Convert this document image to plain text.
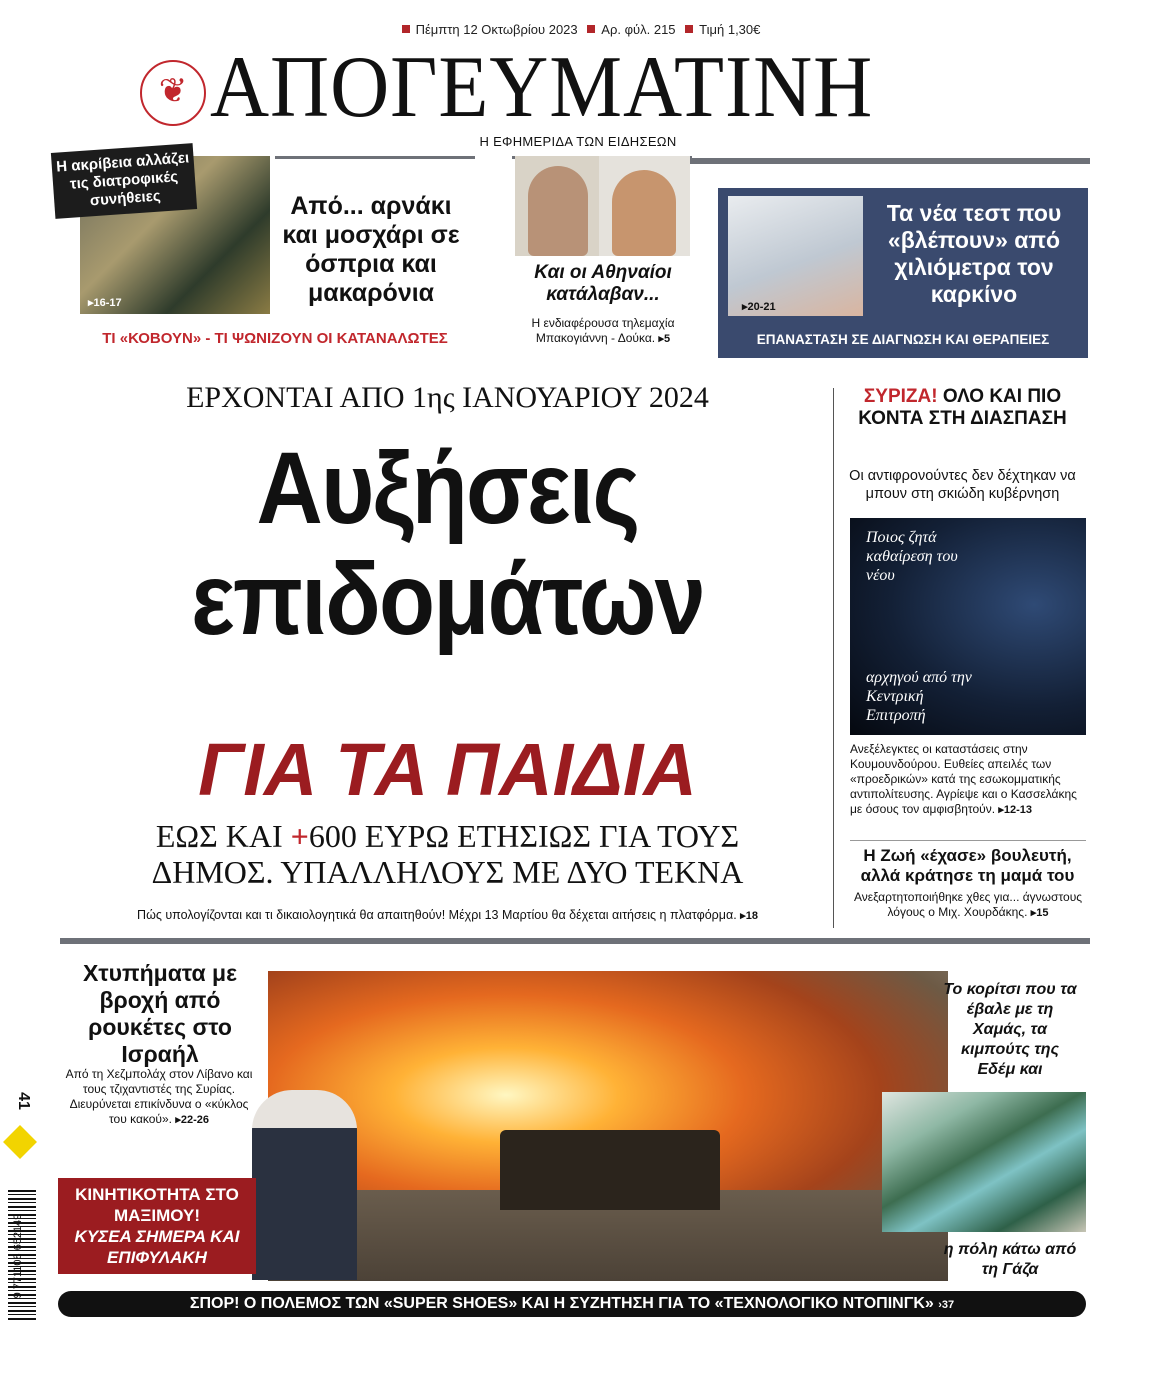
Πέμπτη 12 Οκτωβρίου 2023 Αρ. φύλ. 215 Τιμή 1,30€
❦ ΑΠΟΓΕΥΜΑΤΙΝΗ
Η ΕΦΗΜΕΡΙΔΑ ΤΩΝ ΕΙΔΗΣΕΩΝ
Η ακρίβεια αλλάζει τις διατροφικές συνήθειες
▸16-17
Από... αρνάκι και μοσχάρι σε όσπρια και μακαρόνια
ΤΙ «ΚΟΒΟΥΝ» - ΤΙ ΨΩΝΙΖΟΥΝ ΟΙ ΚΑΤΑΝΑΛΩΤΕΣ
Και οι Αθηναίοι κατάλαβαν...
Η ενδιαφέρουσα τηλεμαχία Μπακογιάννη - Δούκα. ▸5
▸20-21
Τα νέα τεστ που «βλέπουν» από χιλιόμετρα τον καρκίνο
ΕΠΑΝΑΣΤΑΣΗ ΣΕ ΔΙΑΓΝΩΣΗ ΚΑΙ ΘΕΡΑΠΕΙΕΣ
ΕΡΧΟΝΤΑΙ ΑΠΟ 1ης ΙΑΝΟΥΑΡΙΟΥ 2024
Αυξήσεις
επιδομάτων
ΓΙΑ ΤΑ ΠΑΙΔΙΑ
ΕΩΣ ΚΑΙ +600 ΕΥΡΩ ΕΤΗΣΙΩΣ ΓΙΑ ΤΟΥΣ
ΔΗΜΟΣ. ΥΠΑΛΛΗΛΟΥΣ ΜΕ ΔΥΟ ΤΕΚΝΑ
Πώς υπολογίζονται και τι δικαιολογητικά θα απαιτηθούν! Μέχρι 13 Μαρτίου θα δέχεται αιτήσεις η πλατφόρμα. ▸18
ΣΥΡΙΖΑ! ΟΛΟ ΚΑΙ ΠΙΟ ΚΟΝΤΑ ΣΤΗ ΔΙΑΣΠΑΣΗ
Οι αντιφρονούντες δεν δέχτηκαν να μπουν στη σκιώδη κυβέρνηση
Ποιος ζητά καθαίρεση του νέου
αρχηγού από την Κεντρική Επιτροπή
Ανεξέλεγκτες οι καταστάσεις στην Κουμουνδούρου. Ευθείες απειλές των «προεδρικών» κατά της εσωκομματικής αντιπολίτευσης. Αγρίεψε και ο Κασσελάκης με όσους τον αμφισβητούν. ▸12-13
Η Ζωή «έχασε» βουλευτή, αλλά κράτησε τη μαμά του
Ανεξαρτητοποιήθηκε χθες για... άγνωστους λόγους ο Μιχ. Χουρδάκης. ▸15
Χτυπήματα με βροχή από ρουκέτες στο Ισραήλ
Από τη Χεζμπολάχ στον Λίβανο και τους τζιχαντιστές της Συρίας. Διευρύνεται επικίνδυνα ο «κύκλος του κακού». ▸22-26
ΚΙΝΗΤΙΚΟΤΗΤΑ ΣΤΟ ΜΑΞΙΜΟΥ!
ΚΥΣΕΑ ΣΗΜΕΡΑ ΚΑΙ ΕΠΙΦΥΛΑΚΗ
Το κορίτσι που τα έβαλε με τη Χαμάς, τα κιμπούτς της Εδέμ και
η πόλη κάτω από τη Γάζα
41
9 771108 652149
ΣΠΟΡ! Ο ΠΟΛΕΜΟΣ ΤΩΝ «SUPER SHOES» ΚΑΙ Η ΣΥΖΗΤΗΣΗ ΓΙΑ ΤΟ «ΤΕΧΝΟΛΟΓΙΚΟ ΝΤΟΠΙΝΓΚ» ›37
